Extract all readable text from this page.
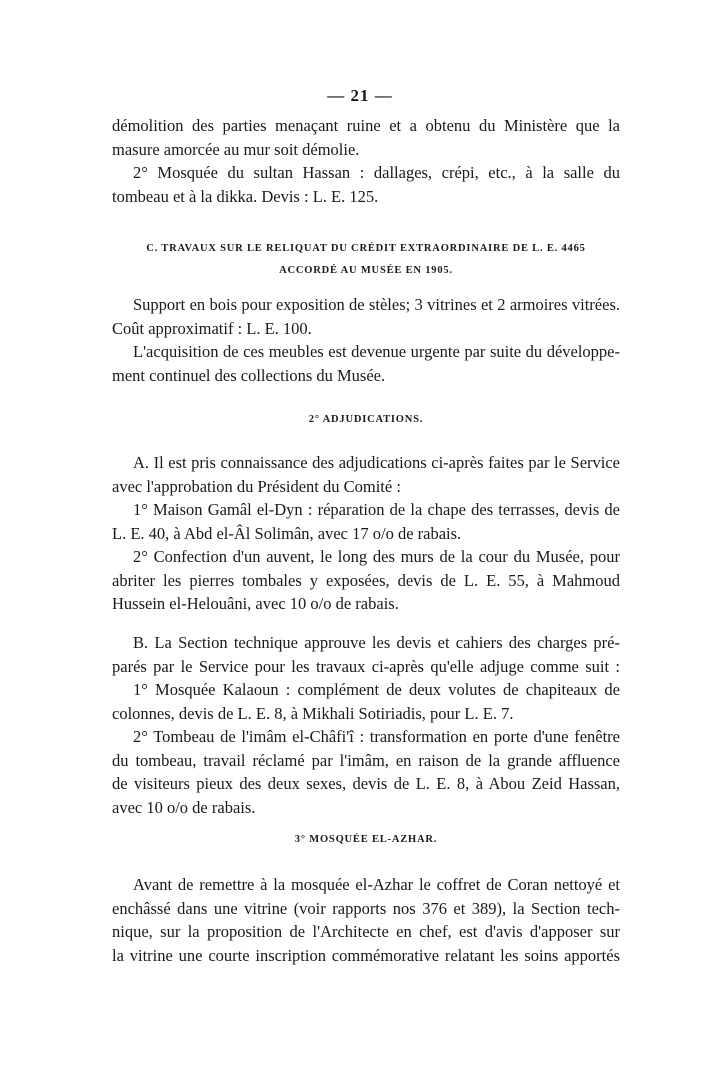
— 21 —
démolition des parties menaçant ruine et a obtenu du Ministère que la
masure amorcée au mur soit démolie.
2° Mosquée du sultan Hassan : dallages, crépi, etc., à la salle du
tombeau et à la dikka. Devis : L. E. 125.
C. TRAVAUX SUR LE RELIQUAT DU CRÉDIT EXTRAORDINAIRE DE L. E. 4465
ACCORDÉ AU MUSÉE EN 1905.
Support en bois pour exposition de stèles; 3 vitrines et 2 armoires vitrées.
Coût approximatif : L. E. 100.
L'acquisition de ces meubles est devenue urgente par suite du développe-
ment continuel des collections du Musée.
2° ADJUDICATIONS.
A. Il est pris connaissance des adjudications ci-après faites par le Service
avec l'approbation du Président du Comité :
1° Maison Gamâl el-Dyn : réparation de la chape des terrasses, devis de
L. E. 40, à Abd el-Âl Solimân, avec 17 o/o de rabais.
2° Confection d'un auvent, le long des murs de la cour du Musée, pour
abriter les pierres tombales y exposées, devis de L. E. 55, à Mahmoud
Hussein el-Helouâni, avec 10 o/o de rabais.
B. La Section technique approuve les devis et cahiers des charges pré-
parés par le Service pour les travaux ci-après qu'elle adjuge comme suit :
1° Mosquée Kalaoun : complément de deux volutes de chapiteaux de
colonnes, devis de L. E. 8, à Mikhali Sotiriadis, pour L. E. 7.
2° Tombeau de l'imâm el-Châfi'î : transformation en porte d'une fenêtre
du tombeau, travail réclamé par l'imâm, en raison de la grande affluence
de visiteurs pieux des deux sexes, devis de L. E. 8, à Abou Zeid Hassan,
avec 10 o/o de rabais.
3° MOSQUÉE EL-AZHAR.
Avant de remettre à la mosquée el-Azhar le coffret de Coran nettoyé et
enchâssé dans une vitrine (voir rapports nos 376 et 389), la Section tech-
nique, sur la proposition de l'Architecte en chef, est d'avis d'apposer sur
la vitrine une courte inscription commémorative relatant les soins apportés
